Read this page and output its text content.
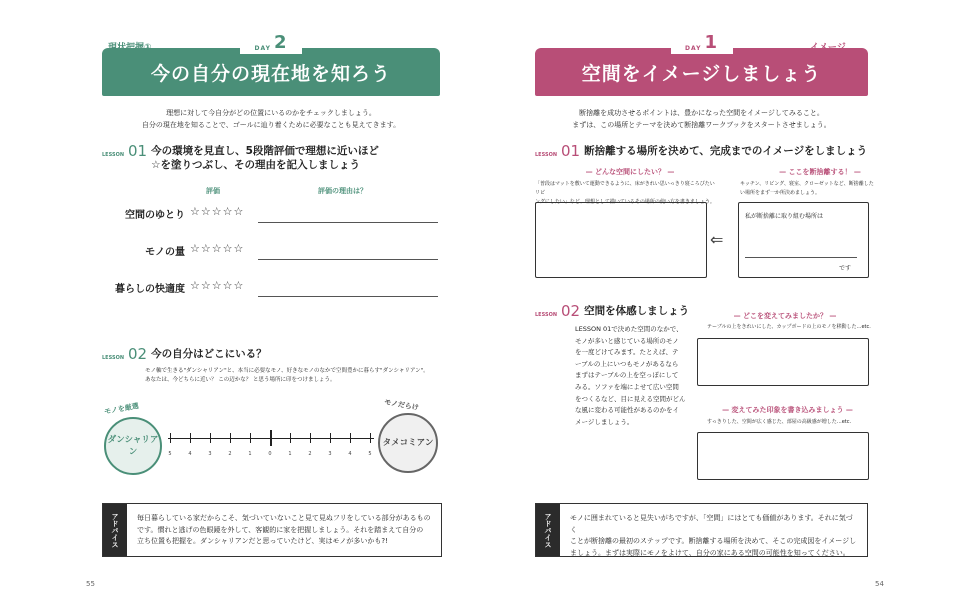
DAY 2
今の自分の現在地を知ろう
理想に対して今自分がどの位置にいるのかをチェックしましょう。
自分の現在地を知ることで、ゴールに辿り着くために必要なことも見えてきます。
LESSON 01 今の環境を見直し、5段階評価で理想に近いほど
☆を塗りつぶし、その理由を記入しましょう
評価	評価の理由は？
空間のゆとり ☆☆☆☆☆
モノの量 ☆☆☆☆☆
暮らしの快適度 ☆☆☆☆☆
LESSON 02 今の自分はどこにいる？
モノ軸で生きる"ダンシャリアン"と、本当に必要なモノ、好きなモノのなかで空間豊かに暮らす"ダンシャリアン"。
あなたは、今どちらに近い？ この辺かな？ と思う場所に印をつけましょう。
モノを厳選
ダンシャリアン
モノだらけ
タメコミアン
5	4	3	2	1	0	1	2	3	4	5
アドバイス	毎日暮らしている家だからこそ、気づいていないこと見て見ぬフリをしている部分があるもの
です。慣れと逃げの色眼鏡を外して、客観的に家を把握しましょう。それを踏まえて自分の
立ち位置も把握を。ダンシャリアンだと思っていたけど、実はモノが多いかも?!
55
DAY 1
空間をイメージしましょう
断捨離を成功させるポイントは、豊かになった空間をイメージしてみること。
まずは、この場所とテーマを決めて断捨離ワークブックをスタートさせましょう。
LESSON 01 断捨離する場所を決めて、完成までのイメージをしましょう
— どんな空間にしたい？ —
「普段はマットを敷いて運動できるように、床がきれい思いっきり寝ころびたいリビ
ングにしたい」など、理想として描いているその場所の使い方を書きましょう。
⇐
— ここを断捨離する！ —
キッチン、リビング、寝室、クローゼットなど、断捨離した
い場所をまず一か所決めましょう。
私が断捨離に取り組む場所は
です
LESSON 02 空間を体感しましょう
LESSON 01で決めた空間のなかで、
モノが多いと感じている場所のモノ
を一度どけてみます。たとえば、テ
ーブルの上にいつもモノがあるなら
まずはテーブルの上を空っぽにして
みる。ソファを端によせて広い空間
をつくるなど、目に見える空間がどん
な風に変わる可能性があるのかをイ
メージしましょう。
— どこを変えてみましたか？ —
テーブルの上をきれいにした、カップボードの上のモノを移動した…etc.
— 変えてみた印象を書き込みましょう —
すっきりした、空間が広く感じた、部屋の高級感が増した…etc.
アドバイス	モノに囲まれていると見失いがちですが、「空間」にはとても価値があります。それに気づく
ことが断捨離の最初のステップです。断捨離する場所を決めて、そこの完成図をイメージし
ましょう。まずは実際にモノをよけて、自分の家にある空間の可能性を知ってください。
54
